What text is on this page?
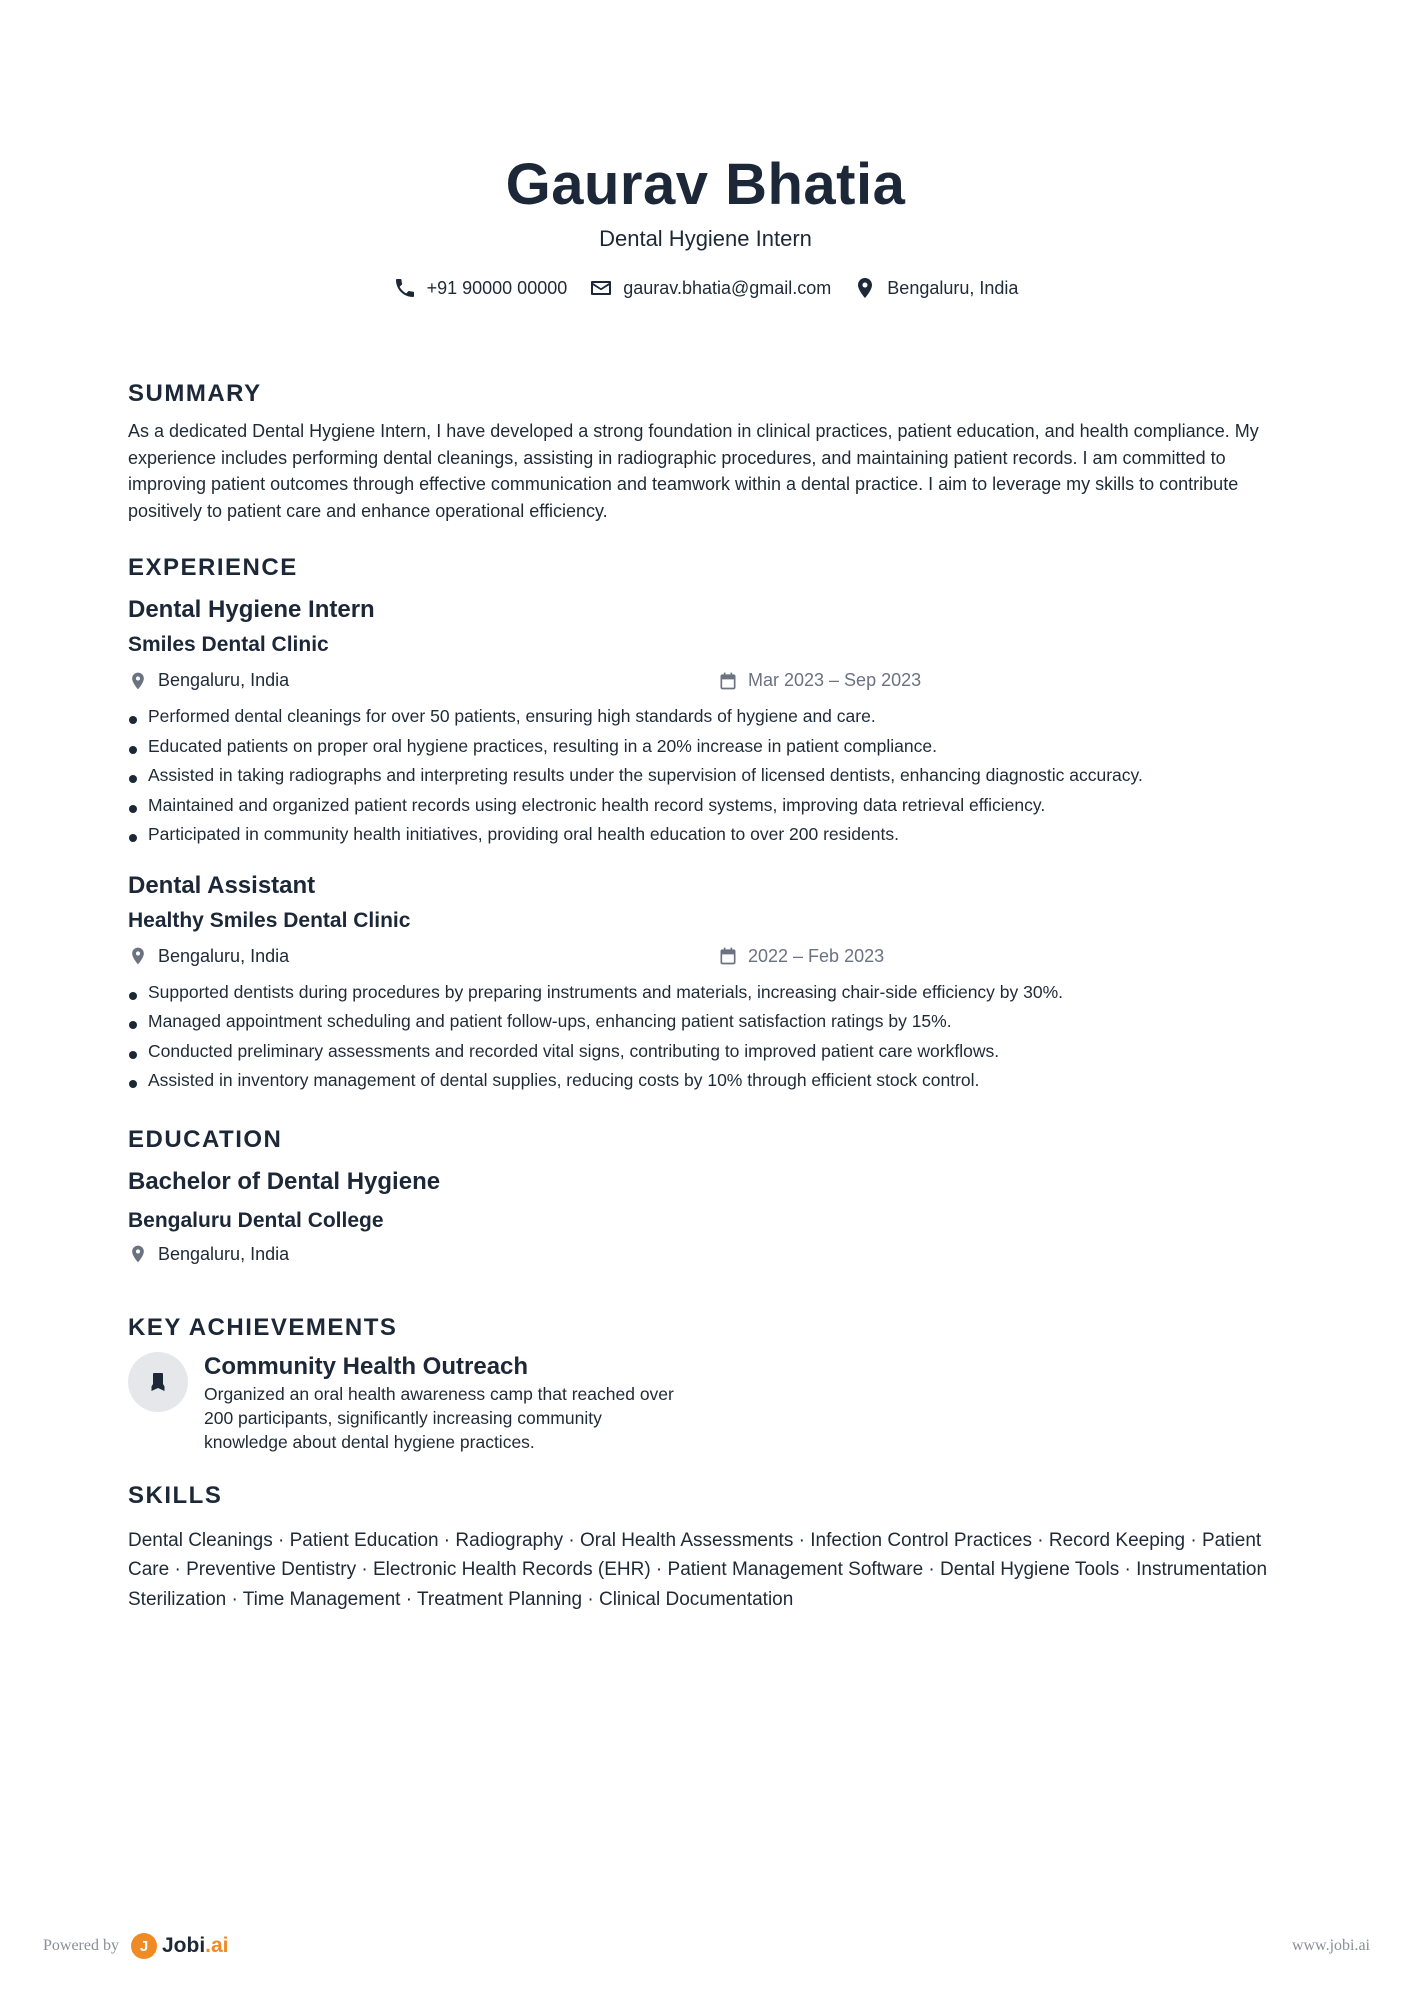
Gaurav Bhatia
Dental Hygiene Intern
+91 90000 00000	gaurav.bhatia@gmail.com	Bengaluru, India
SUMMARY

As a dedicated Dental Hygiene Intern, I have developed a strong foundation in clinical practices, patient education, and health compliance. My experience includes performing dental cleanings, assisting in radiographic procedures, and maintaining patient records. I am committed to improving patient outcomes through effective communication and teamwork within a dental practice. I aim to leverage my skills to contribute positively to patient care and enhance operational efficiency.

EXPERIENCE
Dental Hygiene Intern
Smiles Dental Clinic
Bengaluru, India	Mar 2023 – Sep 2023
Performed dental cleanings for over 50 patients, ensuring high standards of hygiene and care.
Educated patients on proper oral hygiene practices, resulting in a 20% increase in patient compliance.
Assisted in taking radiographs and interpreting results under the supervision of licensed dentists, enhancing diagnostic accuracy.
Maintained and organized patient records using electronic health record systems, improving data retrieval efficiency.
Participated in community health initiatives, providing oral health education to over 200 residents.
Dental Assistant
Healthy Smiles Dental Clinic
Bengaluru, India	2022 – Feb 2023
Supported dentists during procedures by preparing instruments and materials, increasing chair-side efficiency by 30%.
Managed appointment scheduling and patient follow-ups, enhancing patient satisfaction ratings by 15%.
Conducted preliminary assessments and recorded vital signs, contributing to improved patient care workflows.
Assisted in inventory management of dental supplies, reducing costs by 10% through efficient stock control.
EDUCATION
Bachelor of Dental Hygiene
Bengaluru Dental College
Bengaluru, India
KEY ACHIEVEMENTS
Community Health Outreach
Organized an oral health awareness camp that reached over 200 participants, significantly increasing community knowledge about dental hygiene practices.
SKILLS

Dental Cleanings · Patient Education · Radiography · Oral Health Assessments · Infection Control Practices · Record Keeping · Patient Care · Preventive Dentistry · Electronic Health Records (EHR) · Patient Management Software · Dental Hygiene Tools · Instrumentation Sterilization · Time Management · Treatment Planning · Clinical Documentation

Powered by	J Jobi.ai	www.jobi.ai
